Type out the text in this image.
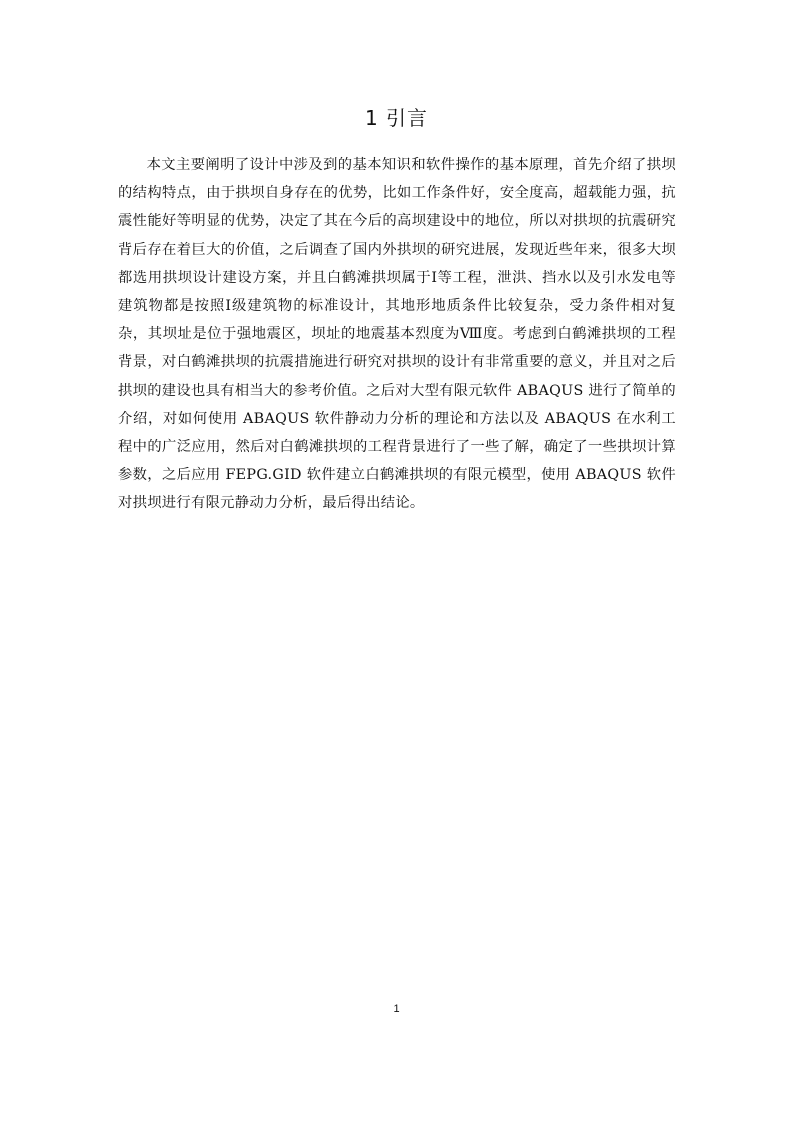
1 引言

本文主要阐明了设计中涉及到的基本知识和软件操作的基本原理，首先介绍了拱坝的结构特点，由于拱坝自身存在的优势，比如工作条件好，安全度高，超载能力强，抗震性能好等明显的优势，决定了其在今后的高坝建设中的地位，所以对拱坝的抗震研究背后存在着巨大的价值，之后调查了国内外拱坝的研究进展，发现近些年来，很多大坝都选用拱坝设计建设方案，并且白鹤滩拱坝属于Ⅰ等工程，泄洪、挡水以及引水发电等建筑物都是按照Ⅰ级建筑物的标准设计，其地形地质条件比较复杂，受力条件相对复杂，其坝址是位于强地震区，坝址的地震基本烈度为Ⅷ度。考虑到白鹤滩拱坝的工程背景，对白鹤滩拱坝的抗震措施进行研究对拱坝的设计有非常重要的意义，并且对之后拱坝的建设也具有相当大的参考价值。之后对大型有限元软件 ABAQUS 进行了简单的介绍，对如何使用 ABAQUS 软件静动力分析的理论和方法以及 ABAQUS 在水利工程中的广泛应用，然后对白鹤滩拱坝的工程背景进行了一些了解，确定了一些拱坝计算参数，之后应用 FEPG.GID 软件建立白鹤滩拱坝的有限元模型，使用 ABAQUS 软件对拱坝进行有限元静动力分析，最后得出结论。

1
